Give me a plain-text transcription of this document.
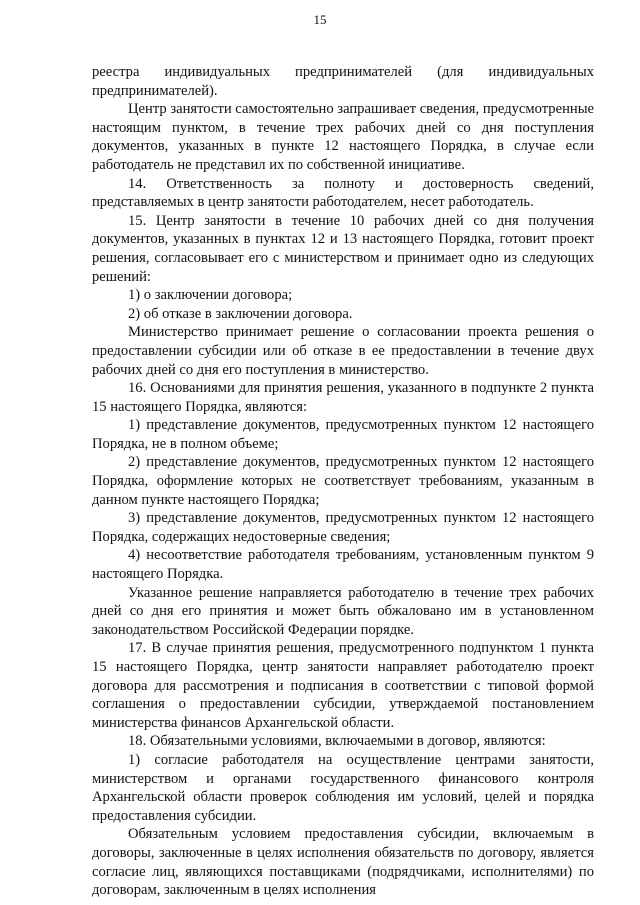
15

реестра индивидуальных предпринимателей (для индивидуальных предпринимателей).

Центр занятости самостоятельно запрашивает сведения, предусмотренные настоящим пунктом, в течение трех рабочих дней со дня поступления документов, указанных в пункте 12 настоящего Порядка, в случае если работодатель не представил их по собственной инициативе.

14. Ответственность за полноту и достоверность сведений, представляемых в центр занятости работодателем, несет работодатель.

15. Центр занятости в течение 10 рабочих дней со дня получения документов, указанных в пунктах 12 и 13 настоящего Порядка, готовит проект решения, согласовывает его с министерством и принимает одно из следующих решений:

1) о заключении договора;

2) об отказе в заключении договора.

Министерство принимает решение о согласовании проекта решения о предоставлении субсидии или об отказе в ее предоставлении в течение двух рабочих дней со дня его поступления в министерство.

16. Основаниями для принятия решения, указанного в подпункте 2 пункта 15 настоящего Порядка, являются:

1) представление документов, предусмотренных пунктом 12 настоящего Порядка, не в полном объеме;

2) представление документов, предусмотренных пунктом 12 настоящего Порядка, оформление которых не соответствует требованиям, указанным в данном пункте настоящего Порядка;

3) представление документов, предусмотренных пунктом 12 настоящего Порядка, содержащих недостоверные сведения;

4) несоответствие работодателя требованиям, установленным пунктом 9 настоящего Порядка.

Указанное решение направляется работодателю в течение трех рабочих дней со дня его принятия и может быть обжаловано им в установленном законодательством Российской Федерации порядке.

17. В случае принятия решения, предусмотренного подпунктом 1 пункта 15 настоящего Порядка, центр занятости направляет работодателю проект договора для рассмотрения и подписания в соответствии с типовой формой соглашения о предоставлении субсидии, утверждаемой постановлением министерства финансов Архангельской области.

18. Обязательными условиями, включаемыми в договор, являются:

1) согласие работодателя на осуществление центрами занятости, министерством и органами государственного финансового контроля Архангельской области проверок соблюдения им условий, целей и порядка предоставления субсидии.

Обязательным условием предоставления субсидии, включаемым в договоры, заключенные в целях исполнения обязательств по договору, является согласие лиц, являющихся поставщиками (подрядчиками, исполнителями) по договорам, заключенным в целях исполнения
